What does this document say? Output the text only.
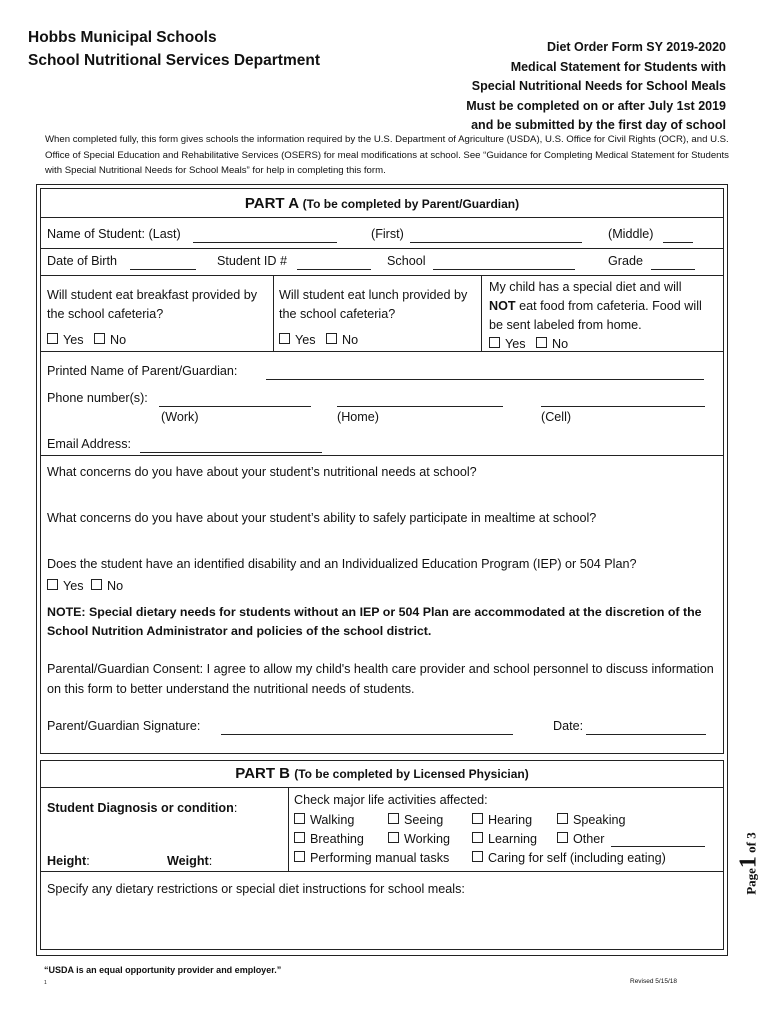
Hobbs Municipal Schools
School Nutritional Services Department
Diet Order Form SY 2019-2020
Medical Statement for Students with
Special Nutritional Needs for School Meals
Must be completed on or after July 1st 2019
and be submitted by the first day of school
When completed fully, this form gives schools the information required by the U.S. Department of Agriculture (USDA), U.S. Office for Civil Rights (OCR), and U.S. Office of Special Education and Rehabilitative Services (OSERS) for meal modifications at school. See “Guidance for Completing Medical Statement for Students with Special Nutritional Needs for School Meals” for help in completing this form.
PART A (To be completed by Parent/Guardian)
Name of Student: (Last)	(First)	(Middle)
Date of Birth	Student ID #	School	Grade
Will student eat breakfast provided by the school cafeteria?
Yes No
Will student eat lunch provided by the school cafeteria?
Yes No
My child has a special diet and will NOT eat food from cafeteria. Food will be sent labeled from home.
Yes No
Printed Name of Parent/Guardian:
Phone number(s):
(Work)	(Home)	(Cell)
Email Address:
What concerns do you have about your student’s nutritional needs at school?
What concerns do you have about your student’s ability to safely participate in mealtime at school?
Does the student have an identified disability and an Individualized Education Program (IEP) or 504 Plan?
Yes No
NOTE: Special dietary needs for students without an IEP or 504 Plan are accommodated at the discretion of the School Nutrition Administrator and policies of the school district.
Parental/Guardian Consent: I agree to allow my child's health care provider and school personnel to discuss information on this form to better understand the nutritional needs of students.
Parent/Guardian Signature:	Date:
PART B (To be completed by Licensed Physician)
Student Diagnosis or condition:
Height:	Weight:
Check major life activities affected:
Walking	Seeing	Hearing	Speaking
Breathing	Working	Learning	Other
Performing manual tasks	Caring for self (including eating)
Specify any dietary restrictions or special diet instructions for school meals:	Page1 of 3
“USDA is an equal opportunity provider and employer.”
1	Revised 5/15/18
